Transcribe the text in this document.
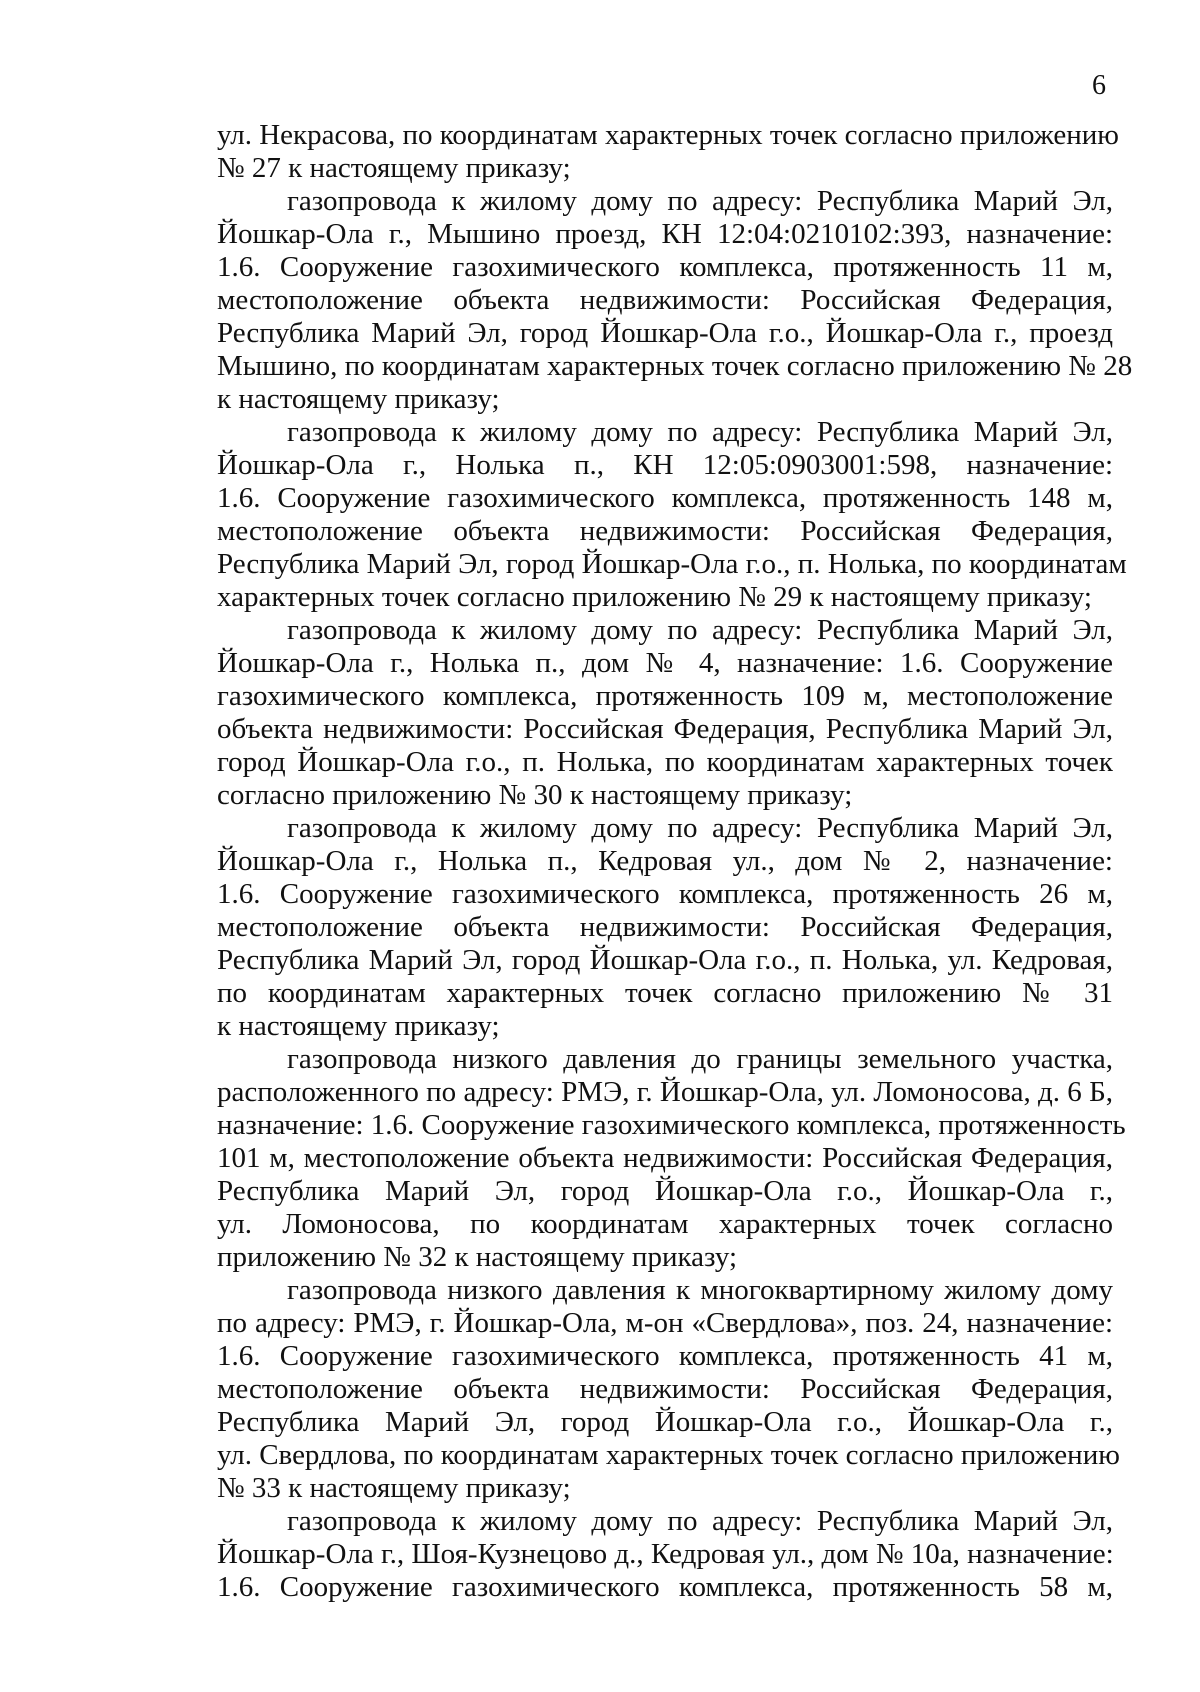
6
ул. Некрасова, по координатам характерных точек согласно приложению
№ 27 к настоящему приказу;
газопровода к жилому дому по адресу: Республика Марий Эл,
Йошкар-Ола г., Мышино проезд, КН 12:04:0210102:393, назначение:
1.6. Сооружение газохимического комплекса, протяженность 11 м,
местоположение объекта недвижимости: Российская Федерация,
Республика Марий Эл, город Йошкар-Ола г.о., Йошкар-Ола г., проезд
Мышино, по координатам характерных точек согласно приложению № 28
к настоящему приказу;
газопровода к жилому дому по адресу: Республика Марий Эл,
Йошкар-Ола г., Нолька п., КН 12:05:0903001:598, назначение:
1.6. Сооружение газохимического комплекса, протяженность 148 м,
местоположение объекта недвижимости: Российская Федерация,
Республика Марий Эл, город Йошкар-Ола г.о., п. Нолька, по координатам
характерных точек согласно приложению № 29 к настоящему приказу;
газопровода к жилому дому по адресу: Республика Марий Эл,
Йошкар-Ола г., Нолька п., дом № 4, назначение: 1.6. Сооружение
газохимического комплекса, протяженность 109 м, местоположение
объекта недвижимости: Российская Федерация, Республика Марий Эл,
город Йошкар-Ола г.о., п. Нолька, по координатам характерных точек
согласно приложению № 30 к настоящему приказу;
газопровода к жилому дому по адресу: Республика Марий Эл,
Йошкар-Ола г., Нолька п., Кедровая ул., дом № 2, назначение:
1.6. Сооружение газохимического комплекса, протяженность 26 м,
местоположение объекта недвижимости: Российская Федерация,
Республика Марий Эл, город Йошкар-Ола г.о., п. Нолька, ул. Кедровая,
по координатам характерных точек согласно приложению № 31
к настоящему приказу;
газопровода низкого давления до границы земельного участка,
расположенного по адресу: РМЭ, г. Йошкар-Ола, ул. Ломоносова, д. 6 Б,
назначение: 1.6. Сооружение газохимического комплекса, протяженность
101 м, местоположение объекта недвижимости: Российская Федерация,
Республика Марий Эл, город Йошкар-Ола г.о., Йошкар-Ола г.,
ул. Ломоносова, по координатам характерных точек согласно
приложению № 32 к настоящему приказу;
газопровода низкого давления к многоквартирному жилому дому
по адресу: РМЭ, г. Йошкар-Ола, м-он «Свердлова», поз. 24, назначение:
1.6. Сооружение газохимического комплекса, протяженность 41 м,
местоположение объекта недвижимости: Российская Федерация,
Республика Марий Эл, город Йошкар-Ола г.о., Йошкар-Ола г.,
ул. Свердлова, по координатам характерных точек согласно приложению
№ 33 к настоящему приказу;
газопровода к жилому дому по адресу: Республика Марий Эл,
Йошкар-Ола г., Шоя-Кузнецово д., Кедровая ул., дом № 10а, назначение:
1.6. Сооружение газохимического комплекса, протяженность 58 м,
